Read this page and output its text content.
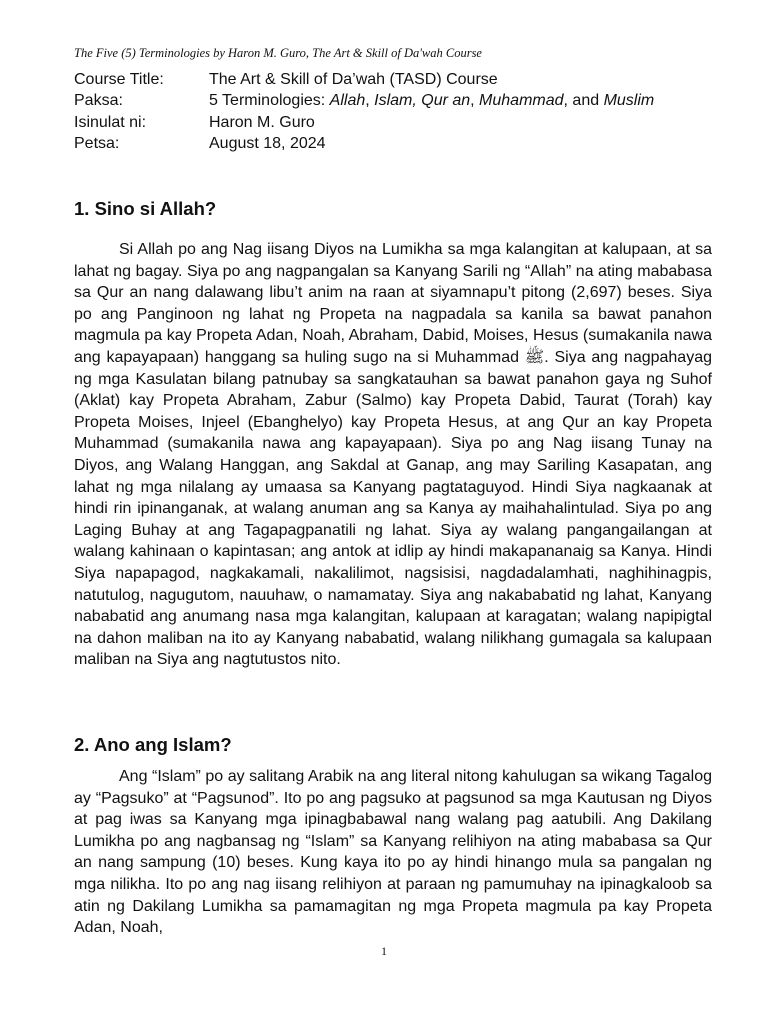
The Five (5) Terminologies by Haron M. Guro, The Art & Skill of Da'wah Course
Course Title:	The Art & Skill of Da’wah (TASD) Course
Paksa:	5 Terminologies: Allah, Islam, Qur an, Muhammad, and Muslim
Isinulat ni:	Haron M. Guro
Petsa:	August 18, 2024
1. Sino si Allah?

Si Allah po ang Nag iisang Diyos na Lumikha sa mga kalangitan at kalupaan, at sa lahat ng bagay. Siya po ang nagpangalan sa Kanyang Sarili ng “Allah” na ating mababasa sa Qur an nang dalawang libu’t anim na raan at siyamnapu’t pitong (2,697) beses. Siya po ang Panginoon ng lahat ng Propeta na nagpadala sa kanila sa bawat panahon magmula pa kay Propeta Adan, Noah, Abraham, Dabid, Moises, Hesus (sumakanila nawa ang kapayapaan) hanggang sa huling sugo na si Muhammad ﷺ. Siya ang nagpahayag ng mga Kasulatan bilang patnubay sa sangkatauhan sa bawat panahon gaya ng Suhof (Aklat) kay Propeta Abraham, Zabur (Salmo) kay Propeta Dabid, Taurat (Torah) kay Propeta Moises, Injeel (Ebanghelyo) kay Propeta Hesus, at ang Qur an kay Propeta Muhammad (sumakanila nawa ang kapayapaan). Siya po ang Nag iisang Tunay na Diyos, ang Walang Hanggan, ang Sakdal at Ganap, ang may Sariling Kasapatan, ang lahat ng mga nilalang ay umaasa sa Kanyang pagtataguyod. Hindi Siya nagkaanak at hindi rin ipinanganak, at walang anuman ang sa Kanya ay maihahalintulad. Siya po ang Laging Buhay at ang Tagapagpanatili ng lahat. Siya ay walang pangangailangan at walang kahinaan o kapintasan; ang antok at idlip ay hindi makapananaig sa Kanya. Hindi Siya napapagod, nagkakamali, nakalilimot, nagsisisi, nagdadalamhati, naghihinagpis, natutulog, nagugutom, nauuhaw, o namamatay. Siya ang nakababatid ng lahat, Kanyang nababatid ang anumang nasa mga kalangitan, kalupaan at karagatan; walang napipigtal na dahon maliban na ito ay Kanyang nababatid, walang nilikhang gumagala sa kalupaan maliban na Siya ang nagtutustos nito.

2. Ano ang Islam?

Ang “Islam” po ay salitang Arabik na ang literal nitong kahulugan sa wikang Tagalog ay “Pagsuko” at “Pagsunod”. Ito po ang pagsuko at pagsunod sa mga Kautusan ng Diyos at pag iwas sa Kanyang mga ipinagbabawal nang walang pag aatubili. Ang Dakilang Lumikha po ang nagbansag ng “Islam” sa Kanyang relihiyon na ating mababasa sa Qur an nang sampung (10) beses. Kung kaya ito po ay hindi hinango mula sa pangalan ng mga nilikha. Ito po ang nag iisang relihiyon at paraan ng pamumuhay na ipinagkaloob sa atin ng Dakilang Lumikha sa pamamagitan ng mga Propeta magmula pa kay Propeta Adan, Noah,

1
